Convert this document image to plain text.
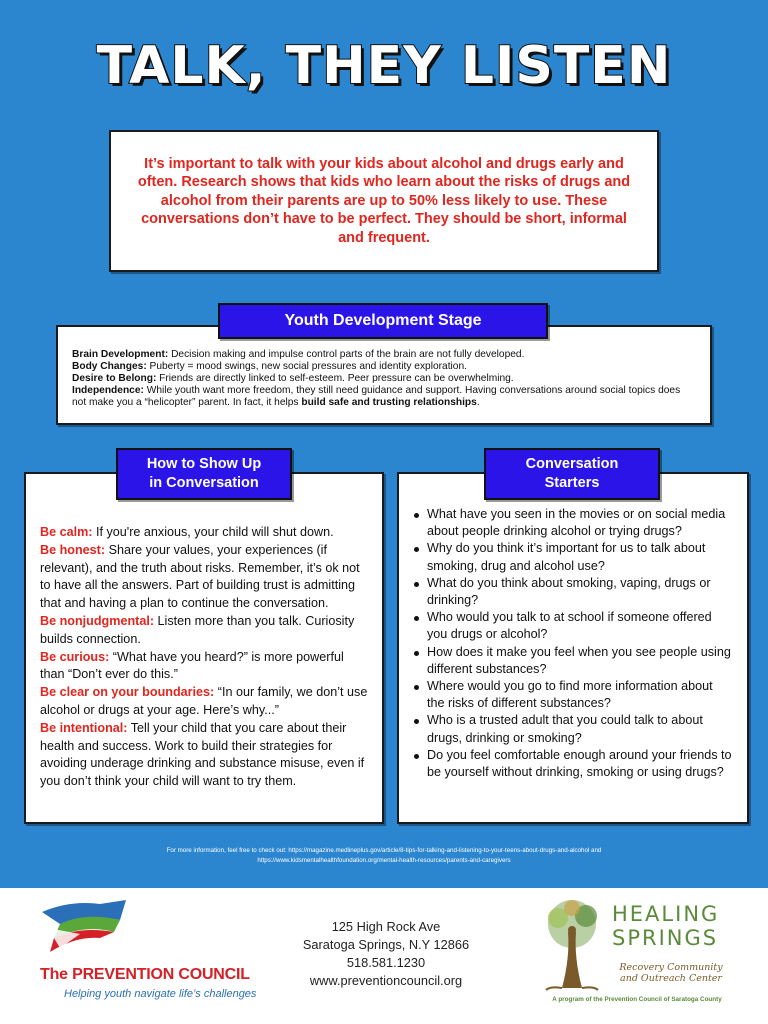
TALK, THEY LISTEN

It’s important to talk with your kids about alcohol and drugs early and often. Research shows that kids who learn about the risks of drugs and alcohol from their parents are up to 50% less likely to use. These conversations don’t have to be perfect. They should be short, informal and frequent.

Brain Development: Decision making and impulse control parts of the brain are not fully developed.

Body Changes: Puberty = mood swings, new social pressures and identity exploration.

Desire to Belong: Friends are directly linked to self-esteem. Peer pressure can be overwhelming.

Independence: While youth want more freedom, they still need guidance and support. Having conversations around social topics does not make you a “helicopter” parent. In fact, it helps build safe and trusting relationships.

Youth Development Stage

Be calm: If you're anxious, your child will shut down.

Be honest: Share your values, your experiences (if relevant), and the truth about risks. Remember, it’s ok not to have all the answers. Part of building trust is admitting that and having a plan to continue the conversation.

Be nonjudgmental: Listen more than you talk. Curiosity builds connection.

Be curious: “What have you heard?” is more powerful than “Don’t ever do this.”

Be clear on your boundaries: “In our family, we don’t use alcohol or drugs at your age. Here’s why...”

Be intentional: Tell your child that you care about their health and success. Work to build their strategies for avoiding underage drinking and substance misuse, even if you don’t think your child will want to try them.

How to Show Up
in Conversation
What have you seen in the movies or on social media about people drinking alcohol or trying drugs?
Why do you think it’s important for us to talk about smoking, drug and alcohol use?
What do you think about smoking, vaping, drugs or drinking?
Who would you talk to at school if someone offered you drugs or alcohol?
How does it make you feel when you see people using different substances?
Where would you go to find more information about the risks of different substances?
Who is a trusted adult that you could talk to about drugs, drinking or smoking?
Do you feel comfortable enough around your friends to be yourself without drinking, smoking or using drugs?
Conversation
Starters

For more information, feel free to check out: https://magazine.medlineplus.gov/article/8-tips-for-talking-and-listening-to-your-teens-about-drugs-and-alcohol and https://www.kidsmentalhealthfoundation.org/mental-health-resources/parents-and-caregivers

The PREVENTION COUNCIL
Helping youth navigate life’s challenges
125 High Rock Ave
Saratoga Springs, N.Y 12866
518.581.1230
www.preventioncouncil.org
HEALING
SPRINGS
Recovery Community
and Outreach Center
A program of the Prevention Council of Saratoga County
